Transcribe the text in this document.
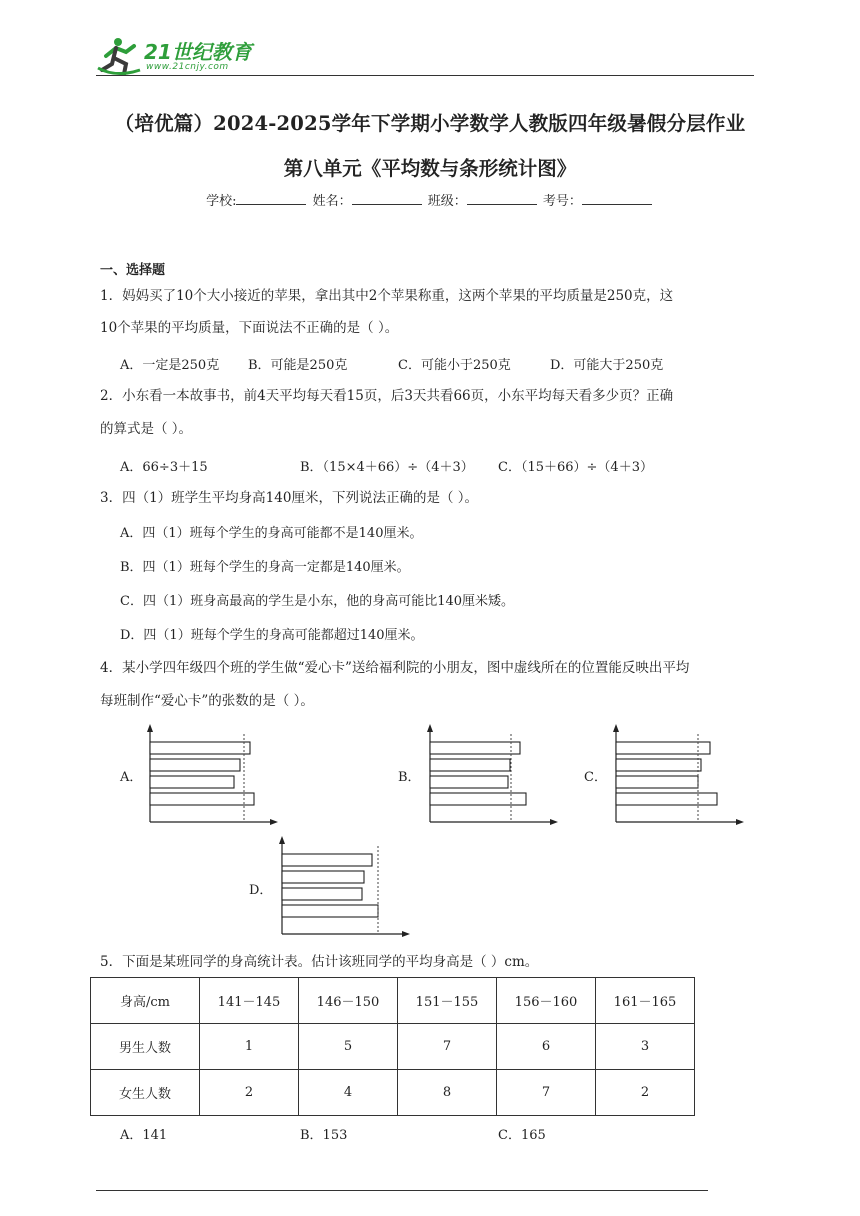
21世纪教育
www.21cnjy.com
（培优篇）2024-2025学年下学期小学数学人教版四年级暑假分层作业
第八单元《平均数与条形统计图》
学校:	姓名：	班级：	考号：
一、选择题
1．妈妈买了10个大小接近的苹果，拿出其中2个苹果称重，这两个苹果的平均质量是250克，这
10个苹果的平均质量，下面说法不正确的是（ ）。
A．一定是250克 B．可能是250克	C．可能小于250克	D．可能大于250克
2．小东看一本故事书，前4天平均每天看15页，后3天共看66页，小东平均每天看多少页？正确
的算式是（ ）。
A．66÷3＋15	B．（15×4＋66）÷（4＋3） C．（15＋66）÷（4＋3）
3．四（1）班学生平均身高140厘米，下列说法正确的是（ ）。
A．四（1）班每个学生的身高可能都不是140厘米。
B．四（1）班每个学生的身高一定都是140厘米。
C．四（1）班身高最高的学生是小东，他的身高可能比140厘米矮。
D．四（1）班每个学生的身高可能都超过140厘米。
4．某小学四年级四个班的学生做“爱心卡”送给福利院的小朋友，图中虚线所在的位置能反映出平均
每班制作“爱心卡”的张数的是（ ）。
A．	B．	C．
D．
5．下面是某班同学的身高统计表。估计该班同学的平均身高是（ ）cm。
身高/cm	141－145	146－150	151－155	156－160	161－165
男生人数	1	5	7	6	3
女生人数	2	4	8	7	2
A．141	B．153	C．165
